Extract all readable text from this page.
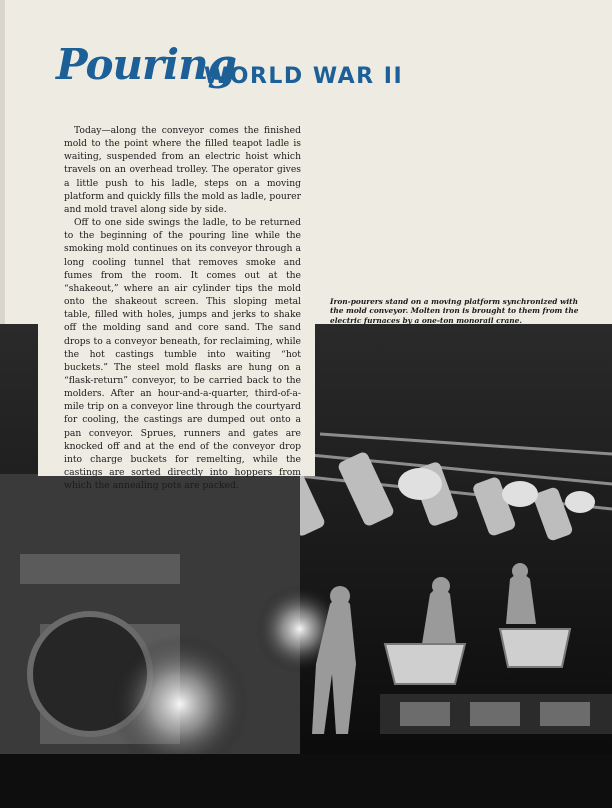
Pouring
WORLD WAR II

Today—along the conveyor comes the finished mold to the point where the filled teapot ladle is waiting, suspended from an electric hoist which travels on an overhead trolley. The operator gives a little push to his ladle, steps on a moving platform and quickly fills the mold as ladle, pourer and mold travel along side by side.

Off to one side swings the ladle, to be returned to the beginning of the pouring line while the smoking mold continues on its conveyor through a long cooling tunnel that removes smoke and fumes from the room. It comes out at the “shakeout,” where an air cylinder tips the mold onto the shakeout screen. This sloping metal table, filled with holes, jumps and jerks to shake off the molding sand and core sand. The sand drops to a conveyor beneath, for reclaiming, while the hot castings tumble into waiting “hot buckets.” The steel mold flasks are hung on a “flask-return” conveyor, to be carried back to the molders. After an hour-and-a-quarter, third-of-a-mile trip on a conveyor line through the courtyard for cooling, the castings are dumped out onto a pan conveyor. Sprues, runners and gates are knocked off and at the end of the conveyor drop into charge buckets for remelting, while the castings are sorted directly into hoppers from which the annealing pots are packed.

Iron-pourers stand on a moving platform synchronized with the mold conveyor. Molten iron is brought to them from the electric furnaces by a one-ton monorail crane.
